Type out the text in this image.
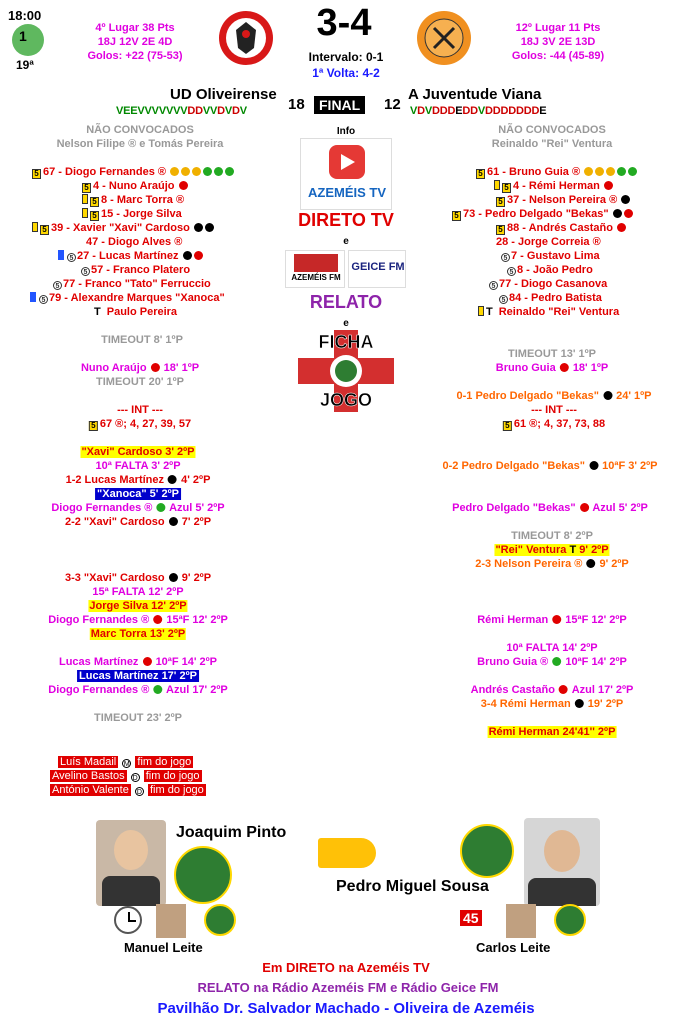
18:00
1
19ª
4º Lugar 38 Pts
18J 12V 2E 4D
Golos: +22 (75-53)
3-4
Intervalo: 0-1
1ª Volta: 4-2
12º Lugar 11 Pts
18J 3V 2E 13D
Golos: -44 (45-89)
UD Oliveirense
18	FINAL	12
A Juventude Viana
VEEVVVVVVVDDVVDVDV	VDVDDDEDDVDDDDDDDE
NÃO CONVOCADOS
Nelson Filipe ® e Tomás Pereira
NÃO CONVOCADOS
Reinaldo "Rei" Ventura
5 67 - Diogo Fernandes ®
5 4 - Nuno Araújo
5 8 - Marc Torra ®
5 15 - Jorge Silva
5 39 - Xavier "Xavi" Cardoso
47 - Diogo Alves ®
5 27 - Lucas Martínez
5 57 - Franco Platero
5 77 - Franco "Tato" Ferruccio
5 79 - Alexandre Marques "Xanoca"
T Paulo Pereira
5 61 - Bruno Guia ®
5 4 - Rémi Herman
5 37 - Nelson Pereira ®
5 73 - Pedro Delgado "Bekas"
5 88 - Andrés Castaño
28 - Jorge Correia ®
5 7 - Gustavo Lima
5 8 - João Pedro
5 77 - Diogo Casanova
5 84 - Pedro Batista
T Reinaldo "Rei" Ventura
Info
AZEMÉIS TV
DIRETO TV
e
AZEMÉIS FM
GEICE FM
RELATO
e
FICHA
JOGO
TIMEOUT 8' 1ºP
Nuno Araújo 18' 1ºP
TIMEOUT 20' 1ºP
--- INT ---
5 67 ®; 4, 27, 39, 57
"Xavi" Cardoso 3' 2ºP
10ª FALTA 3' 2ºP
1-2 Lucas Martínez 4' 2ºP
"Xanoca" 5' 2ºP
Diogo Fernandes ® Azul 5' 2ºP
2-2 "Xavi" Cardoso 7' 2ºP
3-3 "Xavi" Cardoso 9' 2ºP
15ª FALTA 12' 2ºP
Jorge Silva 12' 2ºP
Diogo Fernandes ® 15ªF 12' 2ºP
Marc Torra 13' 2ºP
Lucas Martínez 10ªF 14' 2ºP
Lucas Martínez 17' 2ºP
Diogo Fernandes ® Azul 17' 2ºP
TIMEOUT 23' 2ºP
TIMEOUT 13' 1ºP
Bruno Guia 18' 1ºP
0-1 Pedro Delgado "Bekas" 24' 1ºP
--- INT ---
5 61 ®; 4, 37, 73, 88
0-2 Pedro Delgado "Bekas" 10ªF 3' 2ºP
Pedro Delgado "Bekas" Azul 5' 2ºP
TIMEOUT 8' 2ºP
"Rei" Ventura T 9' 2ºP
2-3 Nelson Pereira ® 9' 2ºP
Rémi Herman 15ªF 12' 2ºP
10ª FALTA 14' 2ºP
Bruno Guia ® 10ªF 14' 2ºP
Andrés Castaño Azul 17' 2ºP
3-4 Rémi Herman 19' 2ºP
Rémi Herman 24'41'' 2ºP
Luís Madail M fim do jogo
Avelino Bastos D fim do jogo
António Valente D fim do jogo
Joaquim Pinto
Pedro Miguel Sousa
Manuel Leite
45
Carlos Leite
Em DIRETO na Azeméis TV
RELATO na Rádio Azeméis FM e Rádio Geice FM
Pavilhão Dr. Salvador Machado - Oliveira de Azeméis
